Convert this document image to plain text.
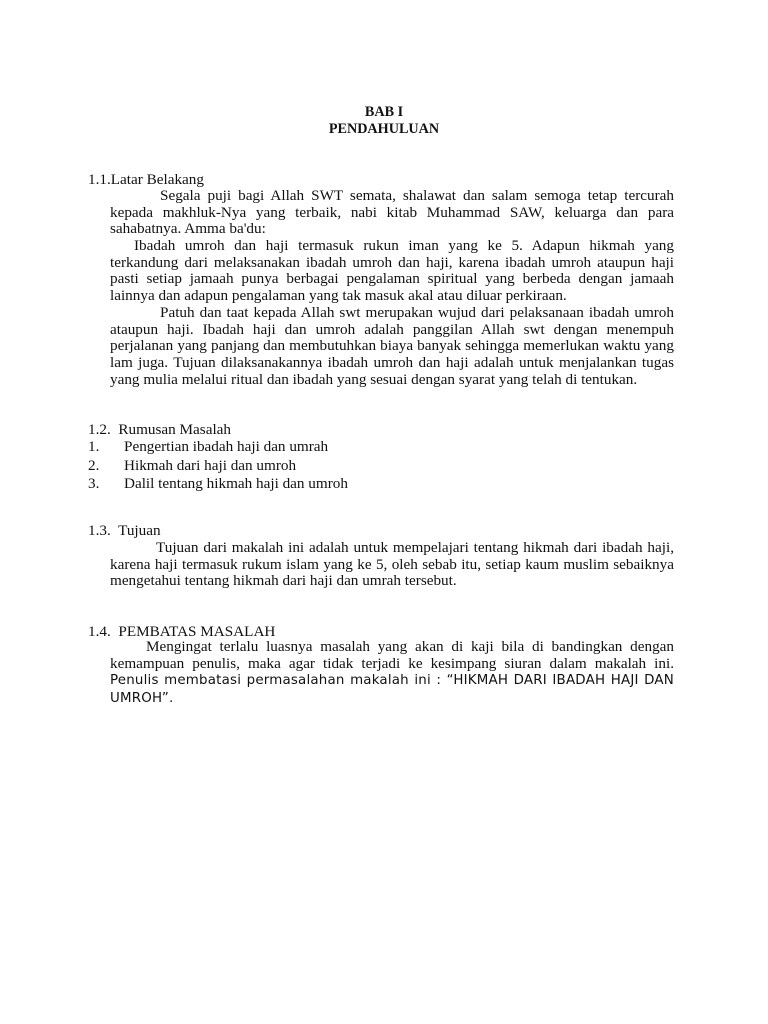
BAB I
PENDAHULUAN
1.1.Latar Belakang
Segala puji bagi Allah SWT semata, shalawat dan salam semoga tetap tercurah kepada makhluk-Nya yang terbaik, nabi kitab Muhammad SAW, keluarga dan para sahabatnya. Amma ba'du:
Ibadah umroh dan haji termasuk rukun iman yang ke 5. Adapun hikmah yang terkandung dari melaksanakan ibadah umroh dan haji, karena ibadah umroh ataupun haji pasti setiap jamaah punya berbagai pengalaman spiritual yang berbeda dengan jamaah lainnya dan adapun pengalaman yang tak masuk akal atau diluar perkiraan.
Patuh dan taat kepada Allah swt merupakan wujud dari pelaksanaan ibadah umroh ataupun haji. Ibadah haji dan umroh adalah panggilan Allah swt dengan menempuh perjalanan yang panjang dan membutuhkan biaya banyak sehingga memerlukan waktu yang lam juga. Tujuan dilaksanakannya ibadah umroh dan haji adalah untuk menjalankan tugas yang mulia melalui ritual dan ibadah yang sesuai dengan syarat yang telah di tentukan.
1.2.  Rumusan Masalah
1. Pengertian ibadah haji dan umrah
2. Hikmah dari haji dan umroh
3. Dalil tentang hikmah haji dan umroh
1.3.  Tujuan
Tujuan dari makalah ini adalah untuk mempelajari tentang hikmah dari ibadah haji, karena haji termasuk rukum islam yang ke 5, oleh sebab itu, setiap kaum muslim sebaiknya mengetahui tentang hikmah dari haji dan umrah tersebut.
1.4.  PEMBATAS MASALAH
Mengingat terlalu luasnya masalah yang akan di kaji bila di bandingkan dengan kemampuan penulis, maka agar tidak terjadi ke kesimpang siuran dalam makalah ini. Penulis membatasi permasalahan makalah ini : “HIKMAH DARI IBADAH HAJI DAN UMROH”.
